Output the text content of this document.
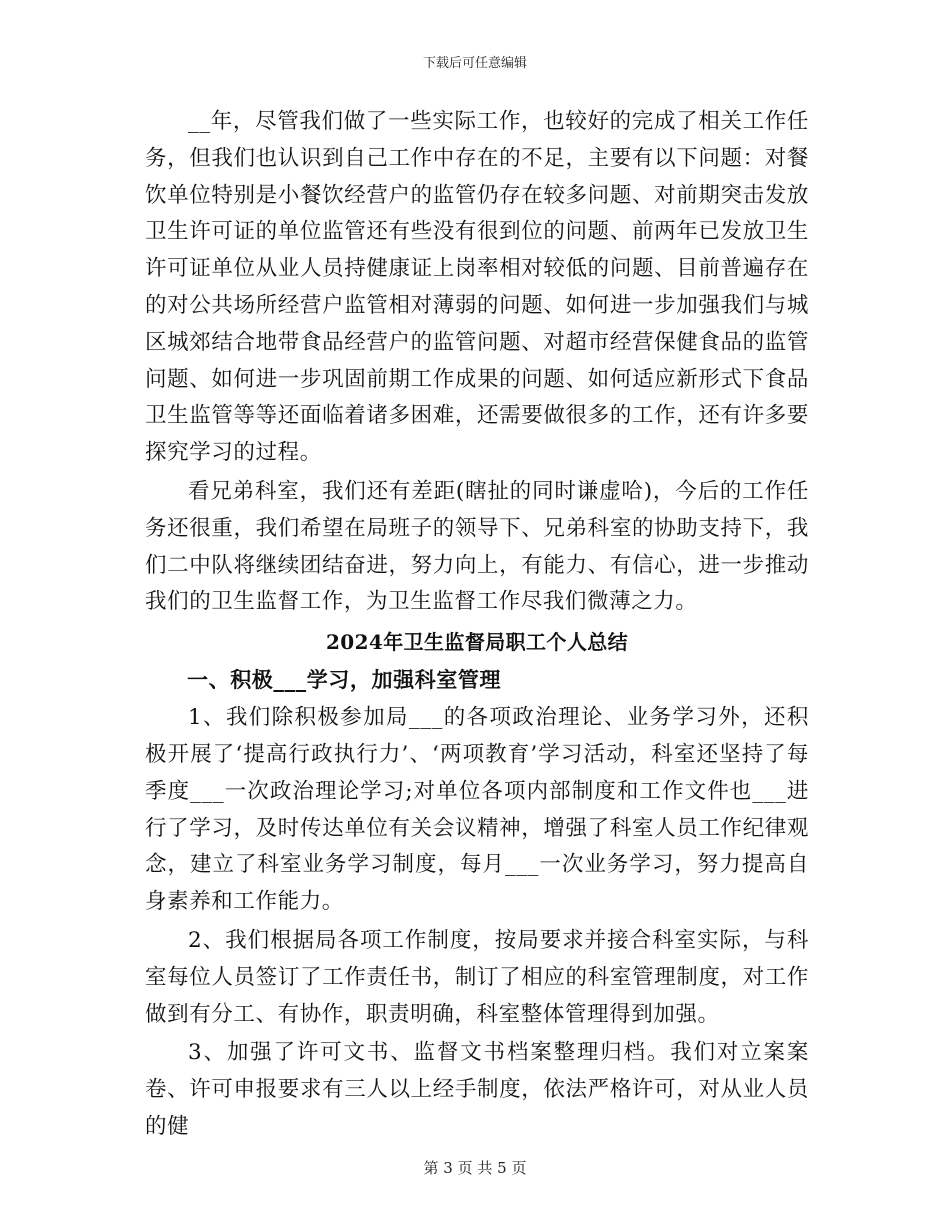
下载后可任意编辑

__年，尽管我们做了一些实际工作，也较好的完成了相关工作任务，但我们也认识到自己工作中存在的不足，主要有以下问题：对餐饮单位特别是小餐饮经营户的监管仍存在较多问题、对前期突击发放卫生许可证的单位监管还有些没有很到位的问题、前两年已发放卫生许可证单位从业人员持健康证上岗率相对较低的问题、目前普遍存在的对公共场所经营户监管相对薄弱的问题、如何进一步加强我们与城区城郊结合地带食品经营户的监管问题、对超市经营保健食品的监管问题、如何进一步巩固前期工作成果的问题、如何适应新形式下食品卫生监管等等还面临着诸多困难，还需要做很多的工作，还有许多要探究学习的过程。

看兄弟科室，我们还有差距(瞎扯的同时谦虚哈)，今后的工作任务还很重，我们希望在局班子的领导下、兄弟科室的协助支持下，我们二中队将继续团结奋进，努力向上，有能力、有信心，进一步推动我们的卫生监督工作，为卫生监督工作尽我们微薄之力。

2024年卫生监督局职工个人总结
一、积极___学习，加强科室管理

1、我们除积极参加局___的各项政治理论、业务学习外，还积极开展了‘提高行政执行力’、‘两项教育’学习活动，科室还坚持了每季度___一次政治理论学习;对单位各项内部制度和工作文件也___进行了学习，及时传达单位有关会议精神，增强了科室人员工作纪律观念，建立了科室业务学习制度，每月___一次业务学习，努力提高自身素养和工作能力。

2、我们根据局各项工作制度，按局要求并接合科室实际，与科室每位人员签订了工作责任书，制订了相应的科室管理制度，对工作做到有分工、有协作，职责明确，科室整体管理得到加强。

3、加强了许可文书、监督文书档案整理归档。我们对立案案卷、许可申报要求有三人以上经手制度，依法严格许可，对从业人员的健

第 3 页 共 5 页
